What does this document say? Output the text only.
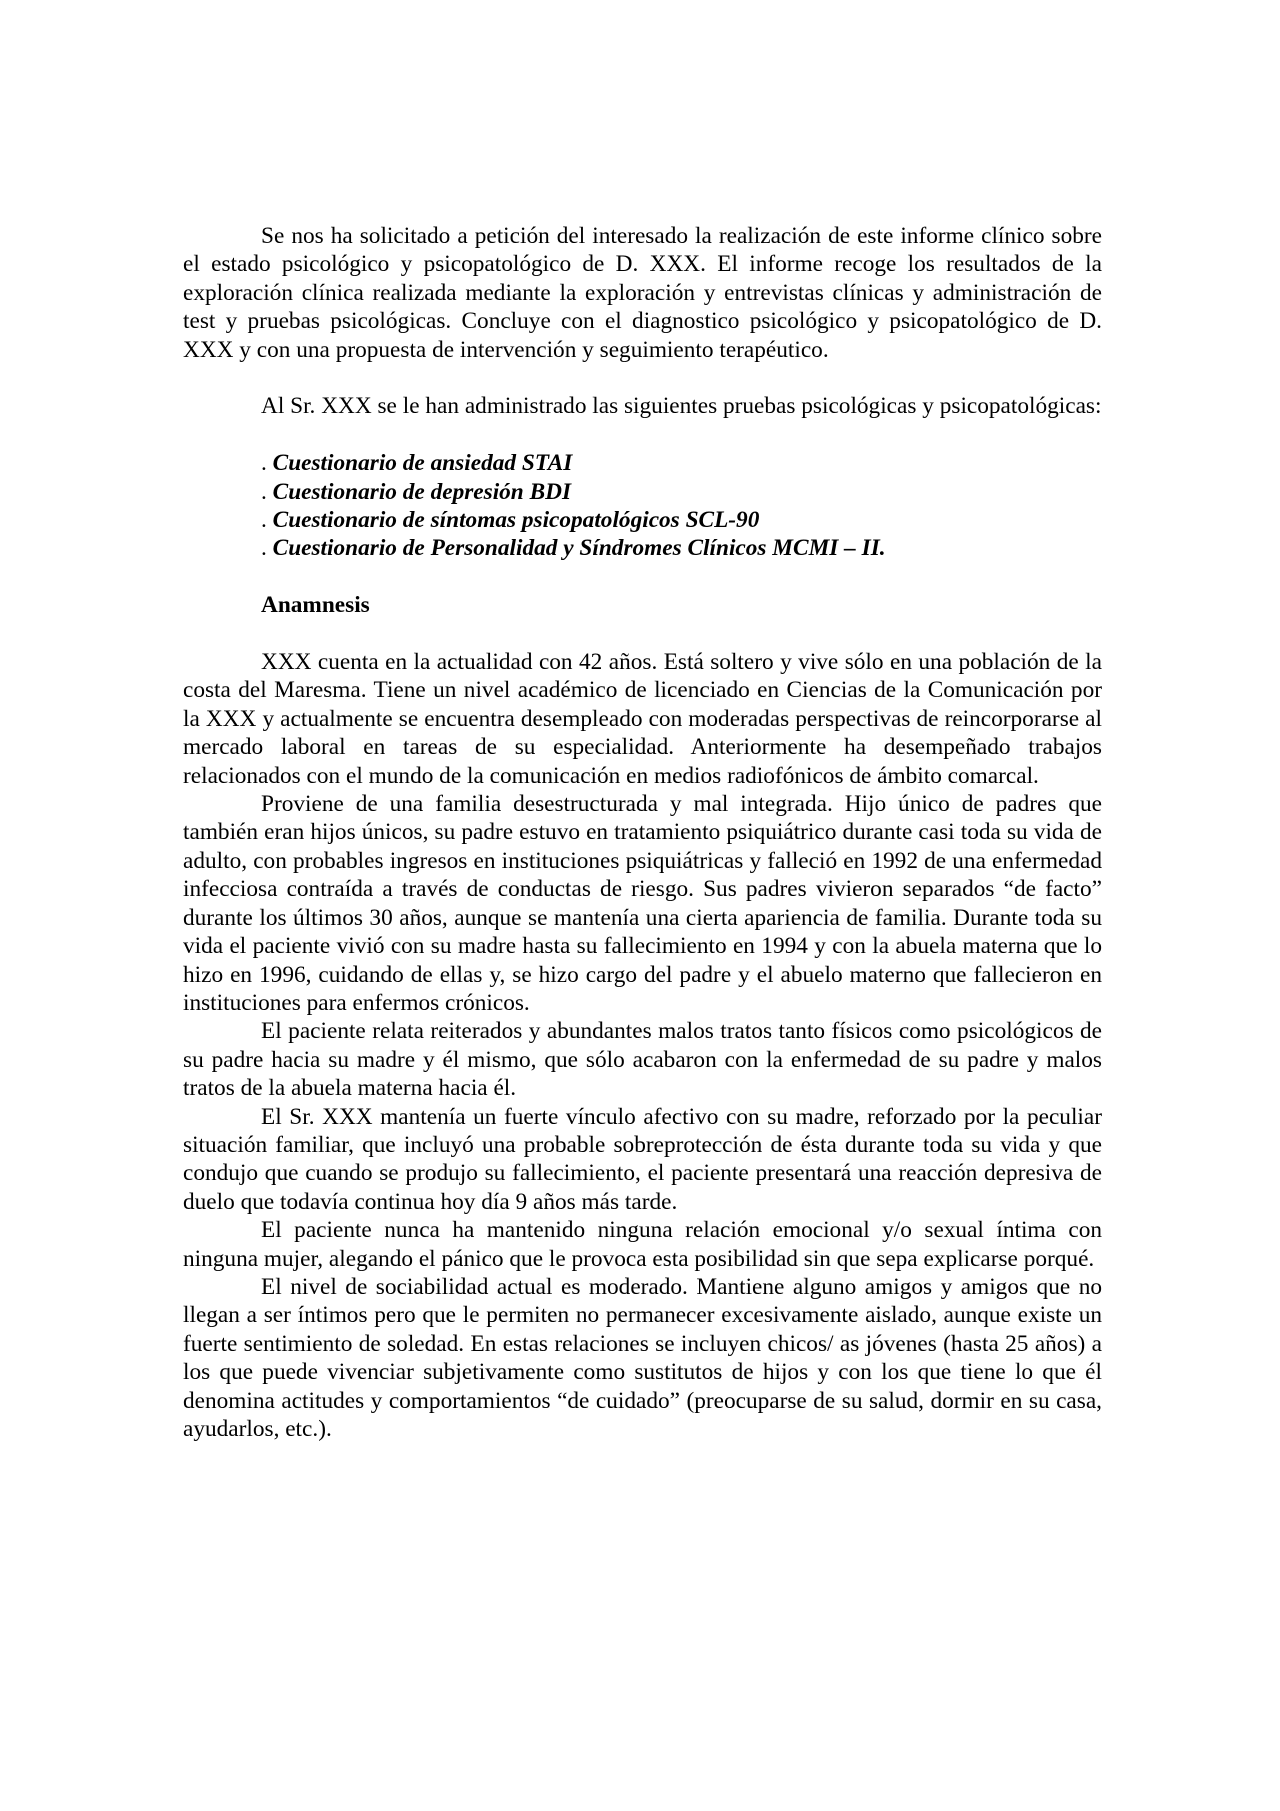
Se nos ha solicitado a petición del interesado la realización de este informe clínico sobre el estado psicológico y psicopatológico de D. XXX. El informe recoge los resultados de la exploración clínica realizada mediante la exploración y entrevistas clínicas y administración de test y pruebas psicológicas. Concluye con el diagnostico psicológico y psicopatológico de D. XXX y con una propuesta de intervención y seguimiento terapéutico.

Al Sr. XXX se le han administrado las siguientes pruebas psicológicas y psicopatológicas:

. Cuestionario de ansiedad STAI
. Cuestionario de depresión BDI
. Cuestionario de síntomas psicopatológicos SCL-90
. Cuestionario de Personalidad y Síndromes Clínicos MCMI – II.
Anamnesis

XXX cuenta en la actualidad con 42 años. Está soltero y vive sólo en una población de la costa del Maresma. Tiene un nivel académico de licenciado en Ciencias de la Comunicación por la XXX y actualmente se encuentra desempleado con moderadas perspectivas de reincorporarse al mercado laboral en tareas de su especialidad. Anteriormente ha desempeñado trabajos relacionados con el mundo de la comunicación en medios radiofónicos de ámbito comarcal.

Proviene de una familia desestructurada y mal integrada. Hijo único de padres que también eran hijos únicos, su padre estuvo en tratamiento psiquiátrico durante casi toda su vida de adulto, con probables ingresos en instituciones psiquiátricas y falleció en 1992 de una enfermedad infecciosa contraída a través de conductas de riesgo. Sus padres vivieron separados “de facto” durante los últimos 30 años, aunque se mantenía una cierta apariencia de familia. Durante toda su vida el paciente vivió con su madre hasta su fallecimiento en 1994 y con la abuela materna que lo hizo en 1996, cuidando de ellas y, se hizo cargo del padre y el abuelo materno que fallecieron en instituciones para enfermos crónicos.

El paciente relata reiterados y abundantes malos tratos tanto físicos como psicológicos de su padre hacia su madre y él mismo, que sólo acabaron con la enfermedad de su padre y malos tratos de la abuela materna hacia él.

El Sr. XXX mantenía un fuerte vínculo afectivo con su madre, reforzado por la peculiar situación familiar, que incluyó una probable sobreprotección de ésta durante toda su vida y que condujo que cuando se produjo su fallecimiento, el paciente presentará una reacción depresiva de duelo que todavía continua hoy día 9 años más tarde.

El paciente nunca ha mantenido ninguna relación emocional y/o sexual íntima con ninguna mujer, alegando el pánico que le provoca esta posibilidad sin que sepa explicarse porqué.

El nivel de sociabilidad actual es moderado. Mantiene alguno amigos y amigos que no llegan a ser íntimos pero que le permiten no permanecer excesivamente aislado, aunque existe un fuerte sentimiento de soledad. En estas relaciones se incluyen chicos/ as jóvenes (hasta 25 años) a los que puede vivenciar subjetivamente como sustitutos de hijos y con los que tiene lo que él denomina actitudes y comportamientos “de cuidado” (preocuparse de su salud, dormir en su casa, ayudarlos, etc.).
